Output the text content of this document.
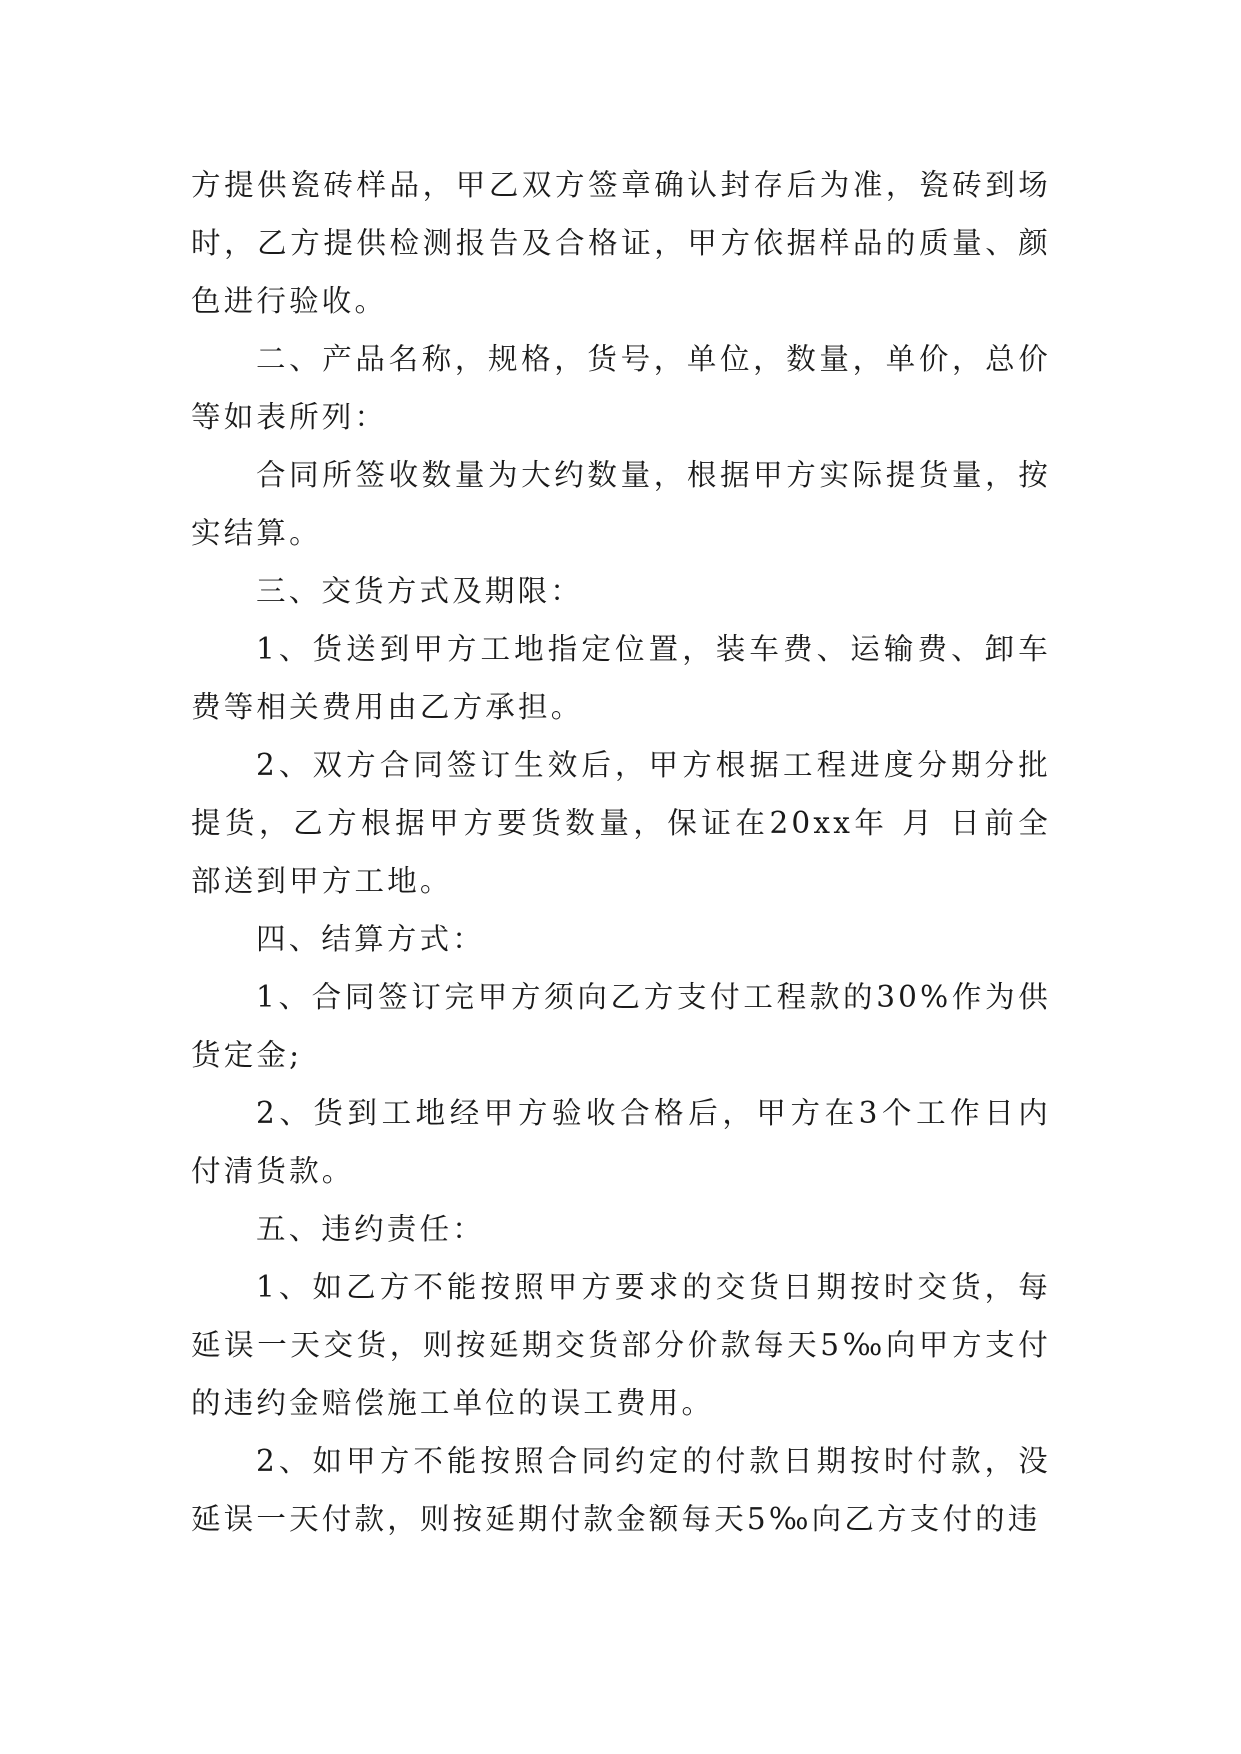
方提供瓷砖样品，甲乙双方签章确认封存后为准，瓷砖到场时，乙方提供检测报告及合格证，甲方依据样品的质量、颜色进行验收。

二、产品名称，规格，货号，单位，数量，单价，总价等如表所列：

合同所签收数量为大约数量，根据甲方实际提货量，按实结算。

三、交货方式及期限：

1、货送到甲方工地指定位置，装车费、运输费、卸车费等相关费用由乙方承担。

2、双方合同签订生效后，甲方根据工程进度分期分批提货，乙方根据甲方要货数量，保证在20xx年 月 日前全部送到甲方工地。

四、结算方式：

1、合同签订完甲方须向乙方支付工程款的30%作为供货定金;

2、货到工地经甲方验收合格后，甲方在3个工作日内付清货款。

五、违约责任：

1、如乙方不能按照甲方要求的交货日期按时交货，每延误一天交货，则按延期交货部分价款每天5‰向甲方支付的违约金赔偿施工单位的误工费用。

2、如甲方不能按照合同约定的付款日期按时付款，没延误一天付款，则按延期付款金额每天5‰向乙方支付的违
